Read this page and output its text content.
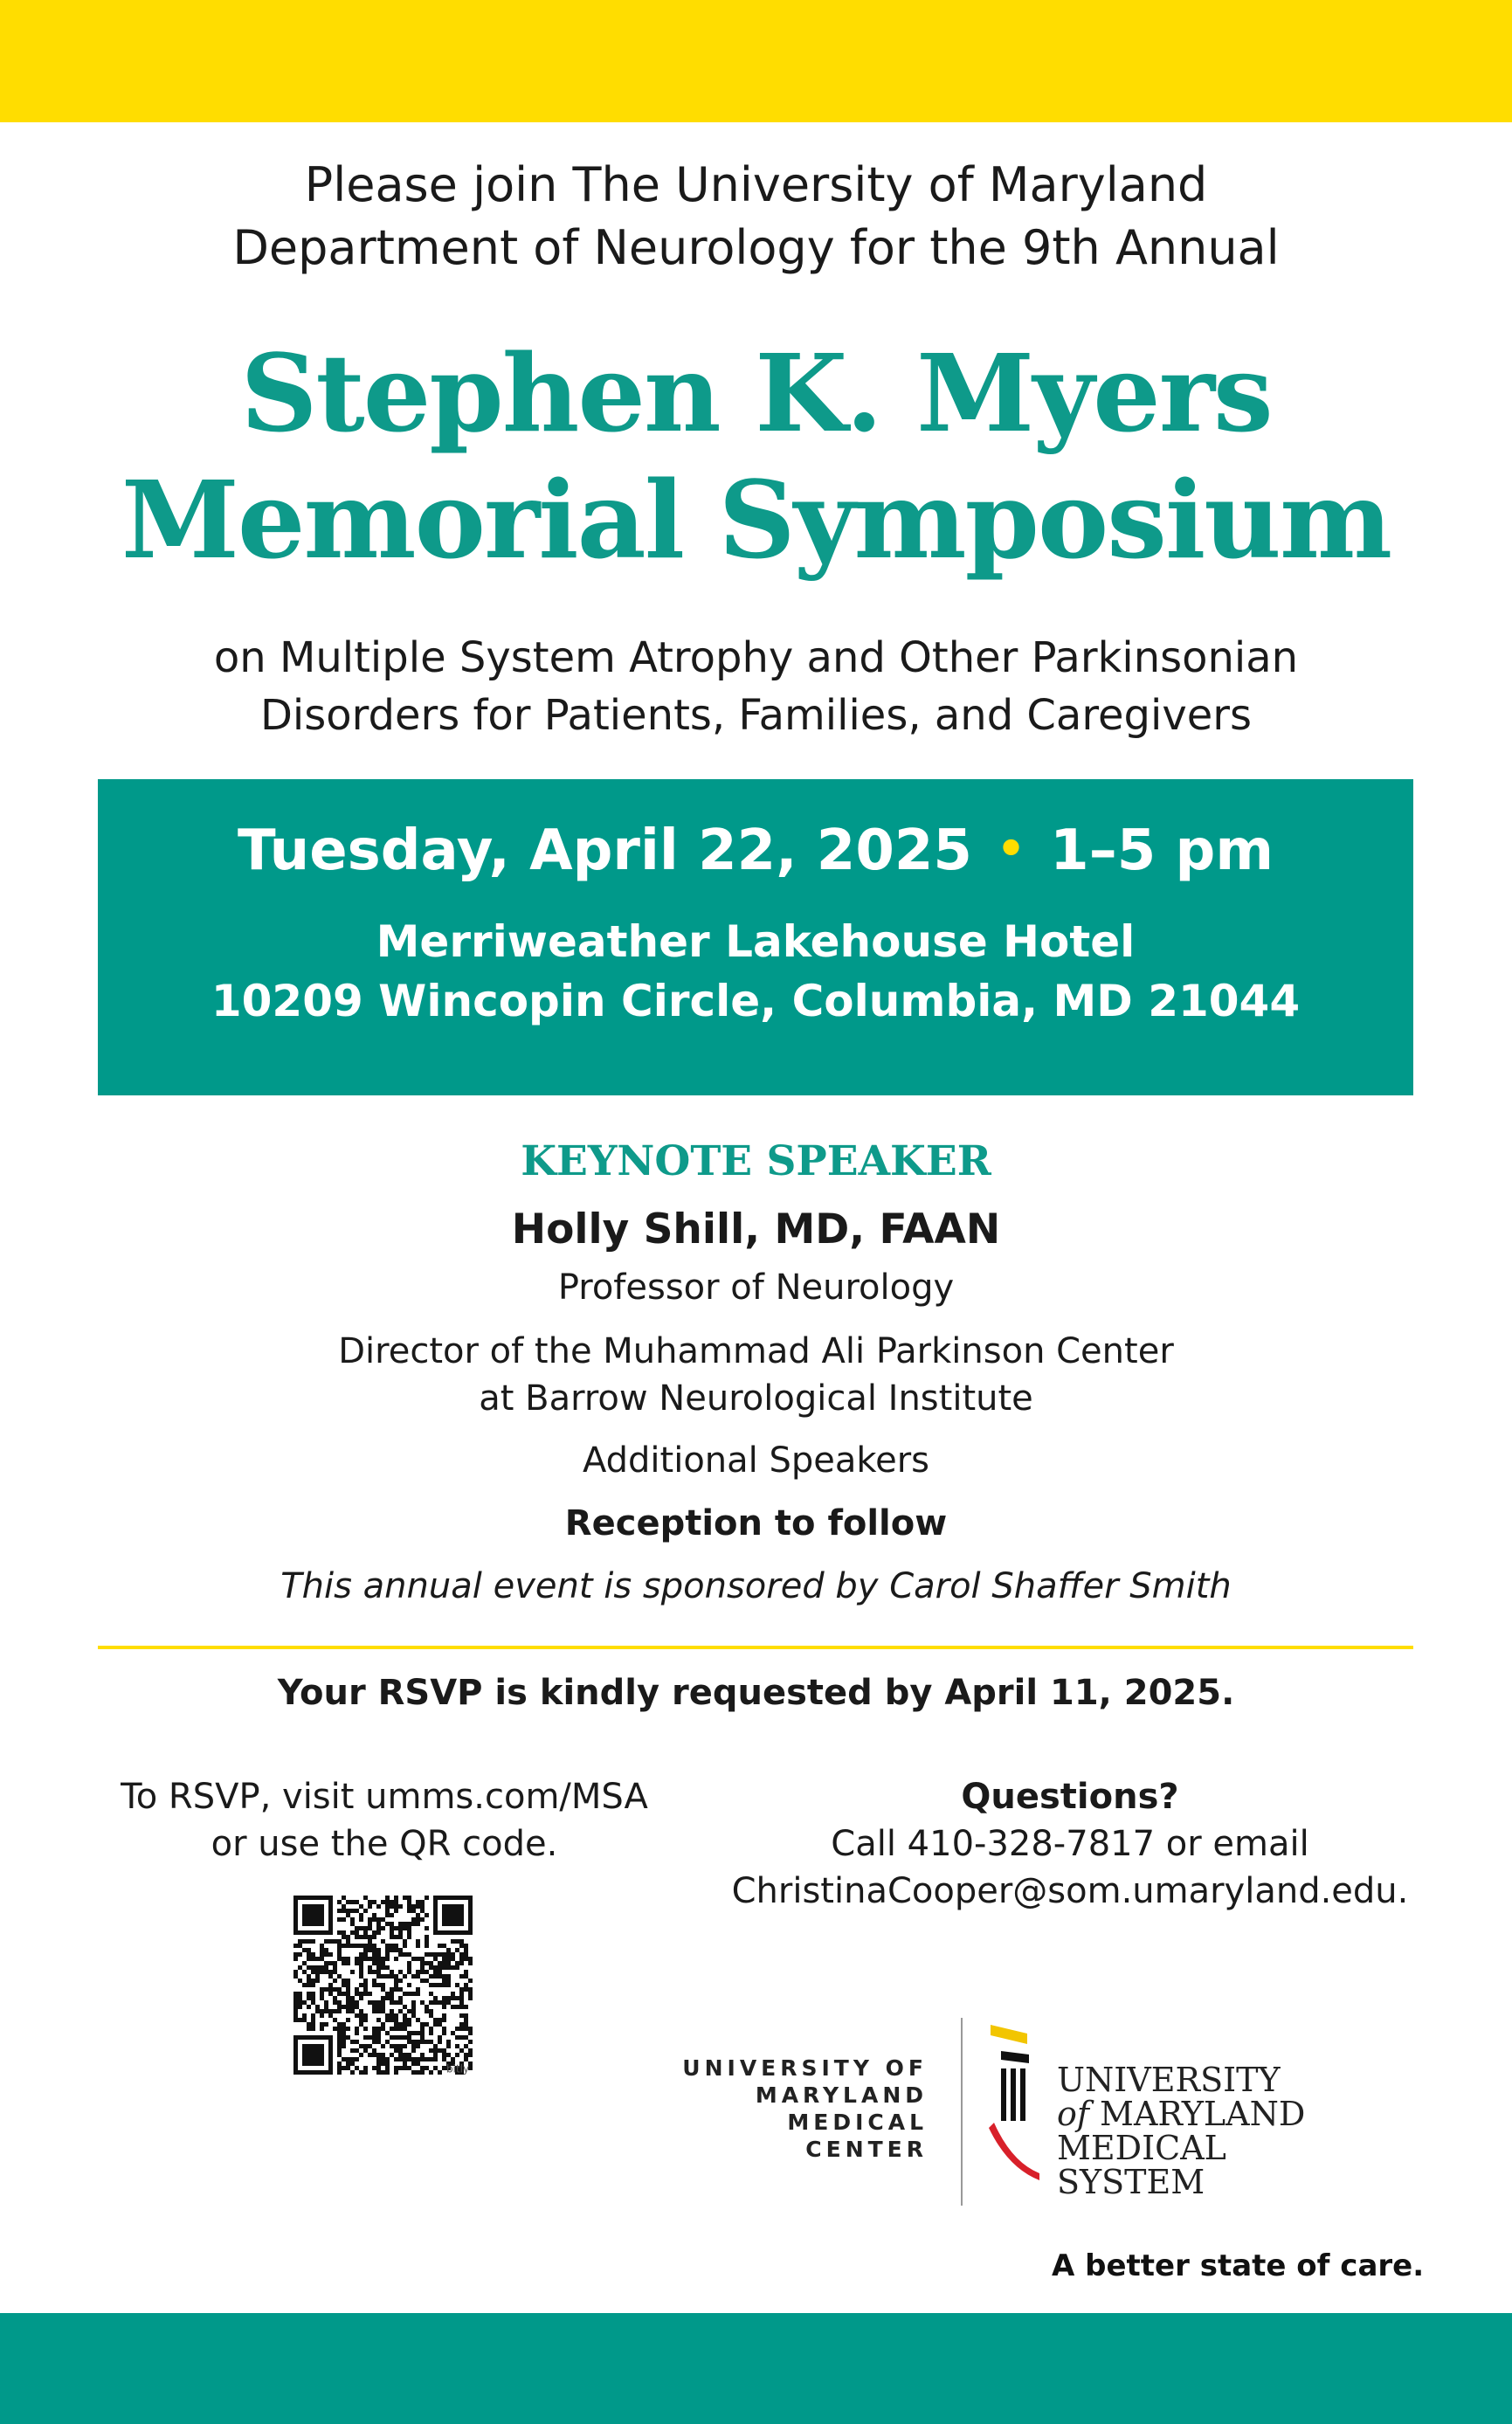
Please join The University of Maryland
Department of Neurology for the 9th Annual
Stephen K. Myers
Memorial Symposium
on Multiple System Atrophy and Other Parkinsonian
Disorders for Patients, Families, and Caregivers
Tuesday, April 22, 2025 • 1–5 pm
Merriweather Lakehouse Hotel
10209 Wincopin Circle, Columbia, MD 21044
KEYNOTE SPEAKER
Holly Shill, MD, FAAN
Professor of Neurology
Director of the Muhammad Ali Parkinson Center
at Barrow Neurological Institute
Additional Speakers
Reception to follow
This annual event is sponsored by Carol Shaffer Smith
Your RSVP is kindly requested by April 11, 2025.
To RSVP, visit umms.com/MSA
or use the QR code.
bitly
Questions?
Call 410-328-7817 or email
ChristinaCooper@som.umaryland.edu.
UNIVERSITY OF
MARYLAND
MEDICAL
CENTER
UNIVERSITY
of MARYLAND
MEDICAL
SYSTEM
A better state of care.
